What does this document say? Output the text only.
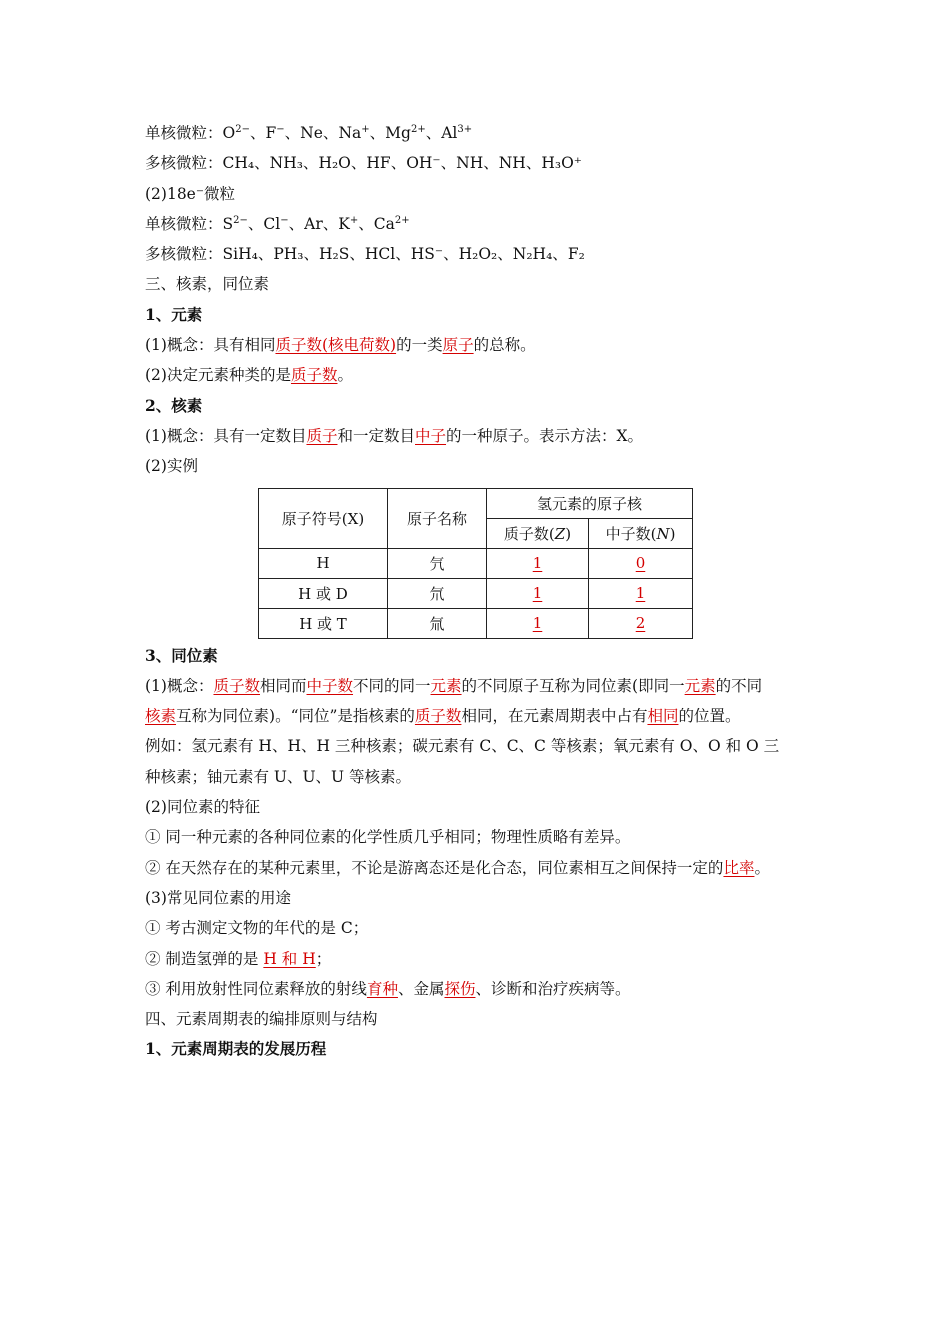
单核微粒：$O^{2-}$、F−、Ne、Na+、$Mg^{2+}$、$Al^{3+}$
多核微粒：CH₄、NH₃、H₂O、HF、OH⁻、NH、NH、H₃O⁺
(2)18e⁻微粒
单核微粒：$S^{2-}$、Cl−、Ar、K+、$Ca^{2+}$
多核微粒：SiH₄、PH₃、H₂S、HCl、HS⁻、H₂O₂、N₂H₄、F₂
三、核素，同位素
1、元素
(1)概念：具有相同质子数(核电荷数)的一类原子的总称。
(2)决定元素种类的是质子数。
2、核素
(1)概念：具有一定数目质子和一定数目中子的一种原子。表示方法：X。
(2)实例
原子符号(X)	原子名称	氢元素的原子核	
		质子数(Z)	中子数(N)
H	氕	1	0
H 或 D	氘	1	1
H 或 T	氚	1	2
3、同位素
(1)概念：质子数相同而中子数不同的同一元素的不同原子互称为同位素(即同一元素的不同
核素互称为同位素)。“同位”是指核素的质子数相同，在元素周期表中占有相同的位置。
例如：氢元素有 H、H、H 三种核素；碳元素有 C、C、C 等核素；氧元素有 O、O 和 O 三
种核素；铀元素有 U、U、U 等核素。
(2)同位素的特征
① 同一种元素的各种同位素的化学性质几乎相同；物理性质略有差异。
② 在天然存在的某种元素里，不论是游离态还是化合态，同位素相互之间保持一定的比率。
(3)常见同位素的用途
① 考古测定文物的年代的是 C；
② 制造氢弹的是 H 和 H；
③ 利用放射性同位素释放的射线育种、金属探伤、诊断和治疗疾病等。
四、元素周期表的编排原则与结构
1、元素周期表的发展历程
